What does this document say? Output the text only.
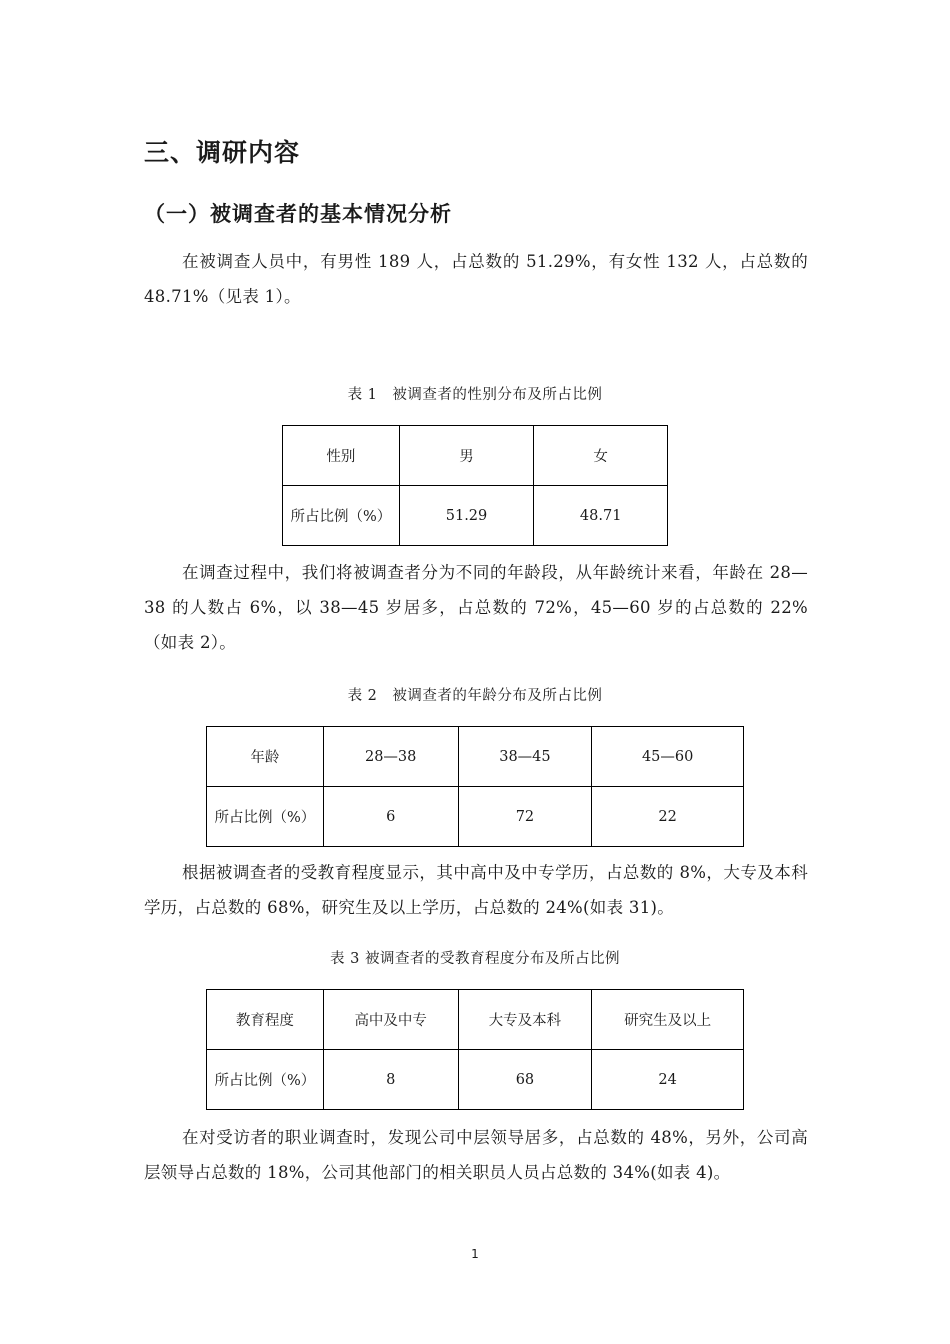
三、调研内容
（一）被调查者的基本情况分析
在被调查人员中，有男性 189 人，占总数的 51.29%，有女性 132 人，占总数的 48.71%（见表 1）。
表 1　被调查者的性别分布及所占比例
性别	男	女
所占比例（%）	51.29	48.71
在调查过程中，我们将被调查者分为不同的年龄段，从年龄统计来看，年龄在 28—38 的人数占 6%，以 38—45 岁居多，占总数的 72%，45—60 岁的占总数的 22%（如表 2）。
表 2　被调查者的年龄分布及所占比例
年龄	28—38	38—45	45—60
所占比例（%）	6	72	22
根据被调查者的受教育程度显示，其中高中及中专学历，占总数的 8%，大专及本科学历，占总数的 68%，研究生及以上学历，占总数的 24%(如表 31)。
表 3 被调查者的受教育程度分布及所占比例
教育程度	高中及中专	大专及本科	研究生及以上
所占比例（%）	8	68	24
在对受访者的职业调查时，发现公司中层领导居多，占总数的 48%，另外，公司高层领导占总数的 18%，公司其他部门的相关职员人员占总数的 34%(如表 4)。
1
